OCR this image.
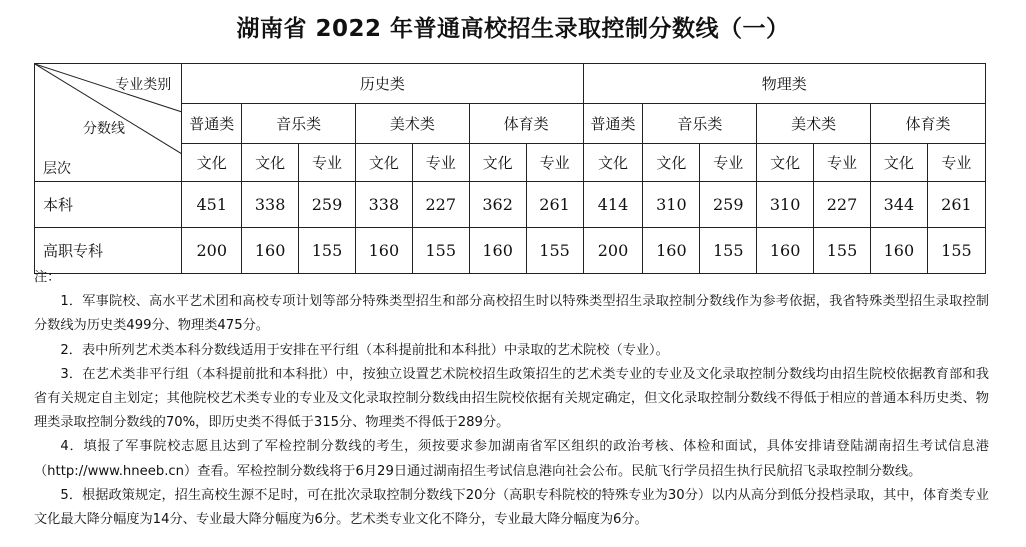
湖南省 2022 年普通高校招生录取控制分数线（一）
专业类别
分数线
层次	历史类							物理类						
	普通类	音乐类		美术类		体育类		普通类	音乐类		美术类		体育类	
	文化	文化	专业	文化	专业	文化	专业	文化	文化	专业	文化	专业	文化	专业
本科	451	338	259	338	227	362	261	414	310	259	310	227	344	261
高职专科	200	160	155	160	155	160	155	200	160	155	160	155	160	155

注：

1．军事院校、高水平艺术团和高校专项计划等部分特殊类型招生和部分高校招生时以特殊类型招生录取控制分数线作为参考依据，我省特殊类型招生录取控制分数线为历史类499分、物理类475分。

2．表中所列艺术类本科分数线适用于安排在平行组（本科提前批和本科批）中录取的艺术院校（专业）。

3．在艺术类非平行组（本科提前批和本科批）中，按独立设置艺术院校招生政策招生的艺术类专业的专业及文化录取控制分数线均由招生院校依据教育部和我省有关规定自主划定；其他院校艺术类专业的专业及文化录取控制分数线由招生院校依据有关规定确定，但文化录取控制分数线不得低于相应的普通本科历史类、物理类录取控制分数线的70%，即历史类不得低于315分、物理类不得低于289分。

4．填报了军事院校志愿且达到了军检控制分数线的考生，须按要求参加湖南省军区组织的政治考核、体检和面试，具体安排请登陆湖南招生考试信息港（http://www.hneeb.cn）查看。军检控制分数线将于6月29日通过湖南招生考试信息港向社会公布。民航飞行学员招生执行民航招飞录取控制分数线。

5．根据政策规定，招生高校生源不足时，可在批次录取控制分数线下20分（高职专科院校的特殊专业为30分）以内从高分到低分投档录取，其中，体育类专业文化最大降分幅度为14分、专业最大降分幅度为6分。艺术类专业文化不降分，专业最大降分幅度为6分。
